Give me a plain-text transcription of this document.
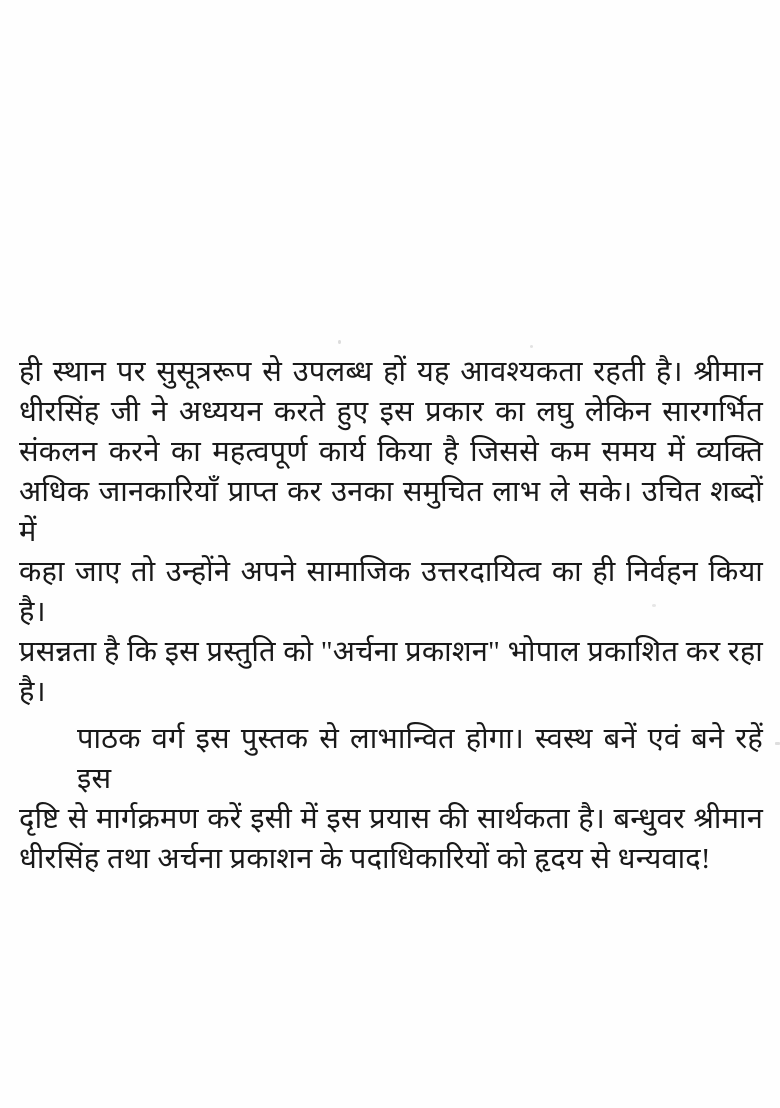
ही स्थान पर सुसूत्ररूप से उपलब्ध हों यह आवश्यकता रहती है। श्रीमान
धीरसिंह जी ने अध्ययन करते हुए इस प्रकार का लघु लेकिन सारगर्भित
संकलन करने का महत्वपूर्ण कार्य किया है जिससे कम समय में व्यक्ति
अधिक जानकारियाँ प्राप्त कर उनका समुचित लाभ ले सके। उचित शब्दों में
कहा जाए तो उन्होंने अपने सामाजिक उत्तरदायित्व का ही निर्वहन किया है।
प्रसन्नता है कि इस प्रस्तुति को "अर्चना प्रकाशन" भोपाल प्रकाशित कर रहा
है।
पाठक वर्ग इस पुस्तक से लाभान्वित होगा। स्वस्थ बनें एवं बने रहें इस
दृष्टि से मार्गक्रमण करें इसी में इस प्रयास की सार्थकता है। बन्धुवर श्रीमान
धीरसिंह तथा अर्चना प्रकाशन के पदाधिकारियों को हृदय से धन्यवाद!
